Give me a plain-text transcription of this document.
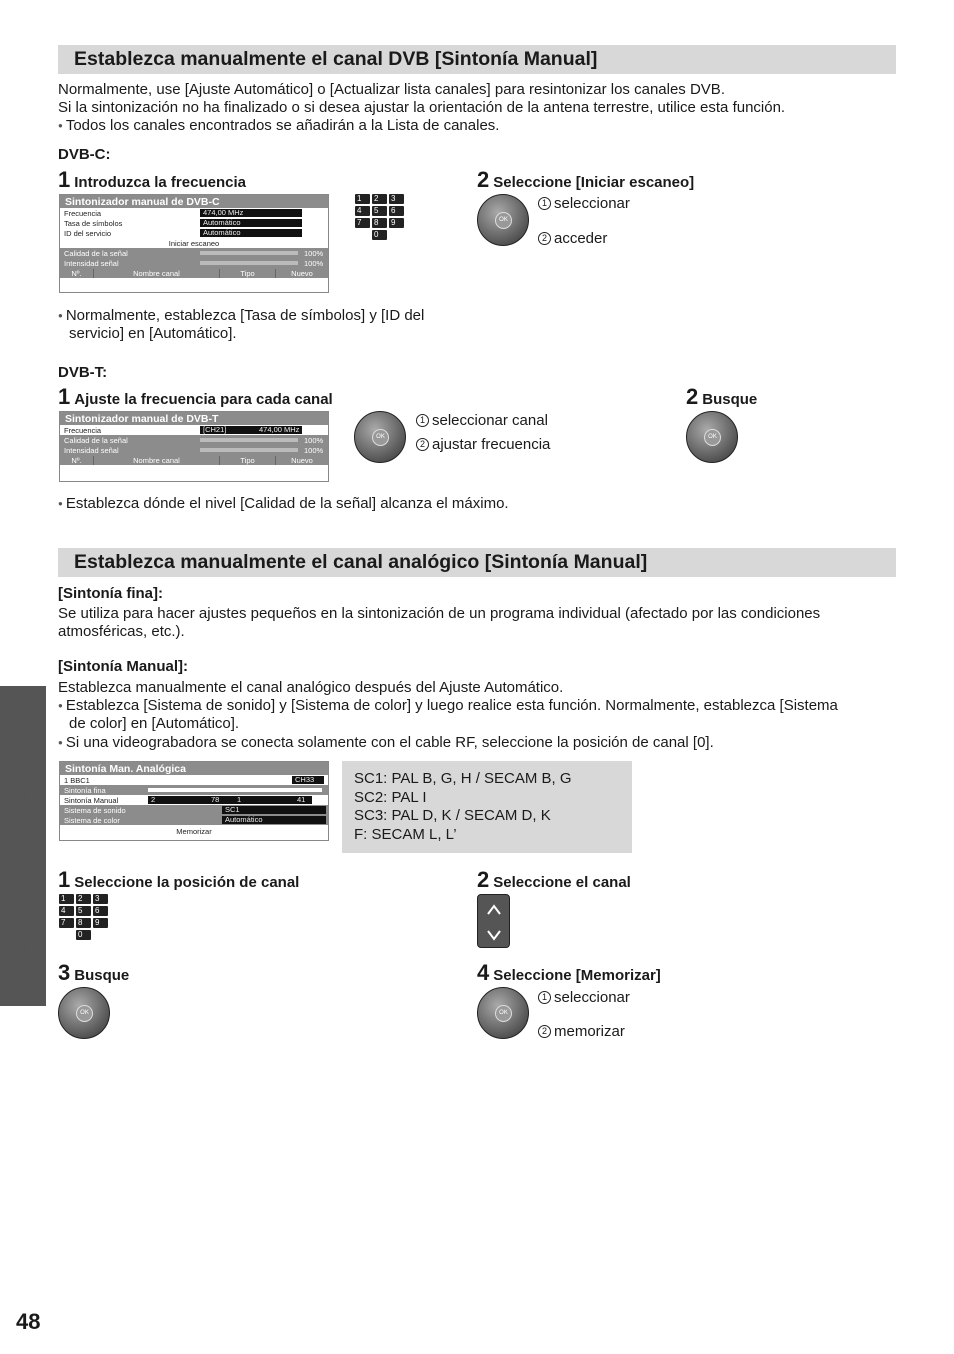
Establezca manualmente el canal DVB [Sintonía Manual]
Normalmente, use [Ajuste Automático] o [Actualizar lista canales] para resintonizar los canales DVB.
Si la sintonización no ha finalizado o si desea ajustar la orientación de la antena terrestre, utilice esta función.
● Todos los canales encontrados se añadirán a la Lista de canales.
DVB-C:
1 Introduzca la frecuencia	2 Seleccione [Iniciar escaneo]
Sintonizador manual de DVB-C
Frecuencia	474,00 MHz
Tasa de símbolos	Automático
ID del servicio	Automático
Iniciar escaneo
Calidad de la señal	100%
Intensidad señal	100%
Nº.	Nombre canal	Tipo	Nuevo
1	2	3
4	5	6
7	8	9
0
OK
1 seleccionar
2 acceder
● Normalmente, establezca [Tasa de símbolos] y [ID del
servicio] en [Automático].
DVB-T:
1 Ajuste la frecuencia para cada canal	2 Busque
Sintonizador manual de DVB-T
Frecuencia	[CH21]	474,00 MHz
Calidad de la señal	100%
Intensidad señal	100%
Nº.	Nombre canal	Tipo	Nuevo
OK
1 seleccionar canal
2 ajustar frecuencia	OK
● Establezca dónde el nivel [Calidad de la señal] alcanza el máximo.
Establezca manualmente el canal analógico [Sintonía Manual]
[Sintonía fina]:
Se utiliza para hacer ajustes pequeños en la sintonización de un programa individual (afectado por las condiciones
atmosféricas, etc.).
[Sintonía Manual]:
Establezca manualmente el canal analógico después del Ajuste Automático.
● Establezca [Sistema de sonido] y [Sistema de color] y luego realice esta función. Normalmente, establezca [Sistema
de color] en [Automático].
● Si una videograbadora se conecta solamente con el cable RF, seleccione la posición de canal [0].
Sintonía Man. Analógica
1 BBC1	CH33
Sintonía fina
Sintonía Manual	2	78	1	41
Sistema de sonido	SC1
Sistema de color	Automático
Memorizar
SC1: PAL B, G, H / SECAM B, G
SC2: PAL I
SC3: PAL D, K / SECAM D, K
F: SECAM L, L’
1 Seleccione la posición de canal	2 Seleccione el canal
1	2	3
4	5	6
7	8	9
0
3 Busque	4 Seleccione [Memorizar]
OK	OK
1 seleccionar
2 memorizar
Sintonización y edición de canales
48
